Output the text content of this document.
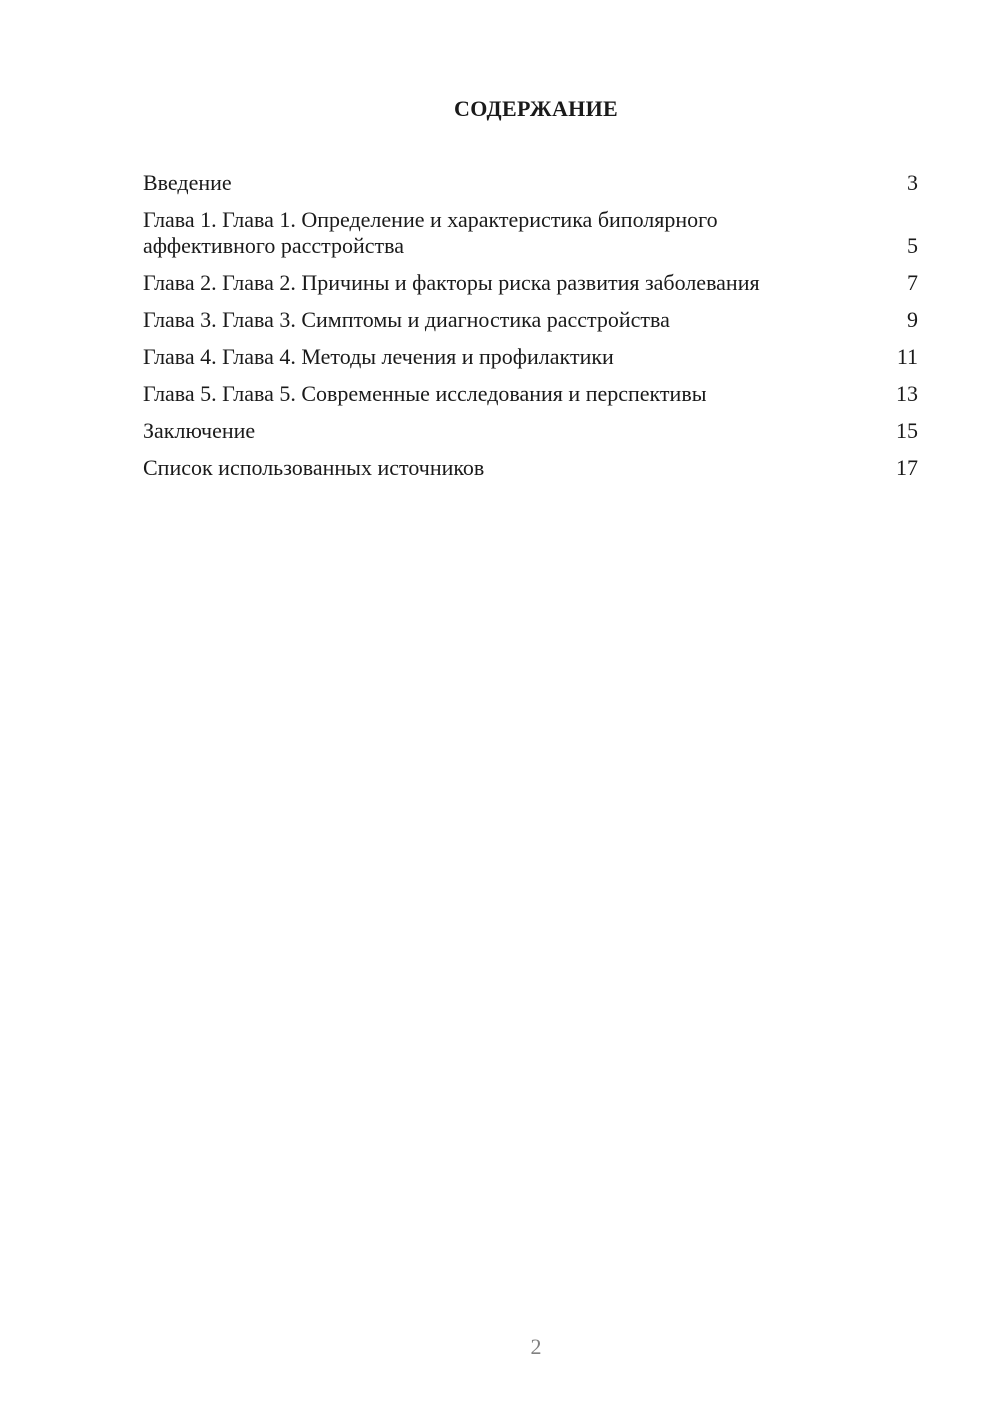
СОДЕРЖАНИЕ
Введение	3
Глава 1. Глава 1. Определение и характеристика биполярного аффективного расстройства	5
Глава 2. Глава 2. Причины и факторы риска развития заболевания	7
Глава 3. Глава 3. Симптомы и диагностика расстройства	9
Глава 4. Глава 4. Методы лечения и профилактики	11
Глава 5. Глава 5. Современные исследования и перспективы	13
Заключение	15
Список использованных источников	17
2
